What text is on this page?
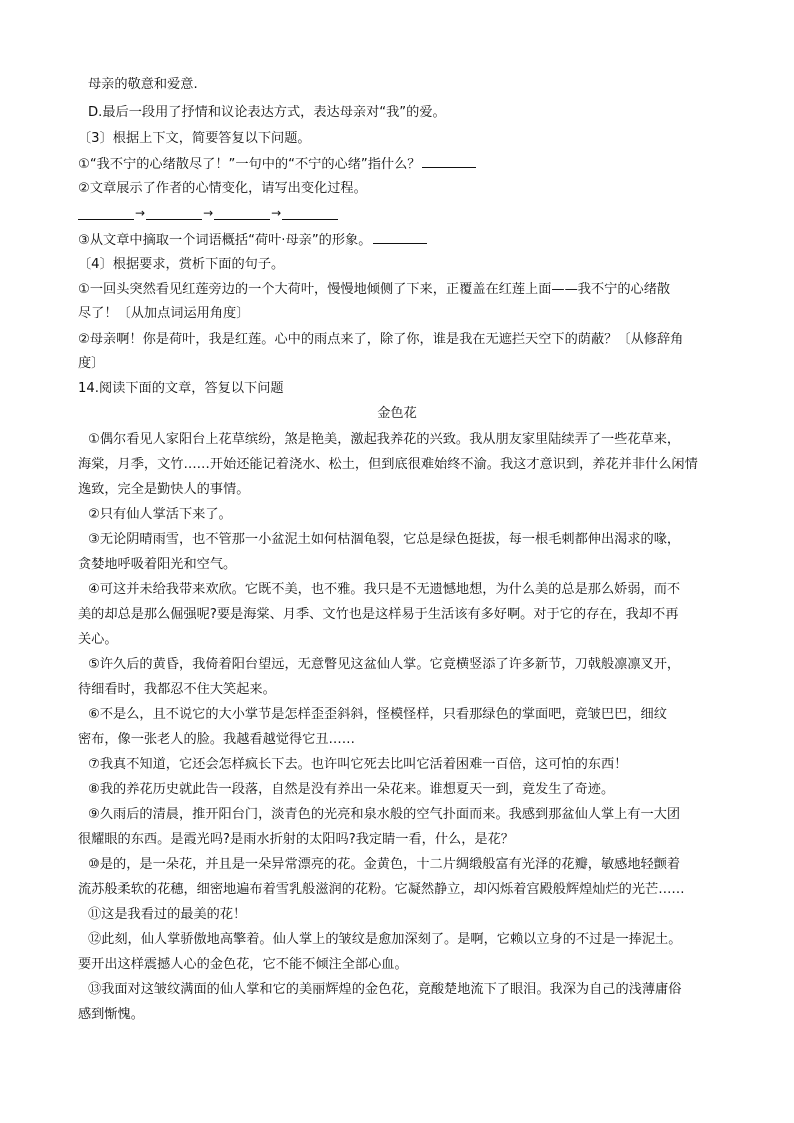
母亲的敬意和爱意.
D.最后一段用了抒情和议论表达方式，表达母亲对“我”的爱。
〔3〕根据上下文，简要答复以下问题。
①“我不宁的心绪散尽了！”一句中的“不宁的心绪”指什么？
②文章展示了作者的心情变化，请写出变化过程。
→	→	→
③从文章中摘取一个词语概括“荷叶·母亲”的形象。
〔4〕根据要求，赏析下面的句子。
①一回头突然看见红莲旁边的一个大荷叶，慢慢地倾侧了下来，正覆盖在红莲上面——我不宁的心绪散
尽了！〔从加点词运用角度〕
②母亲啊！你是荷叶，我是红莲。心中的雨点来了，除了你，谁是我在无遮拦天空下的荫蔽？〔从修辞角
度〕
14.阅读下面的文章，答复以下问题
金色花
①偶尔看见人家阳台上花草缤纷，煞是艳美，激起我养花的兴致。我从朋友家里陆续弄了一些花草来，
海棠，月季，文竹……开始还能记着浇水、松土，但到底很难始终不渝。我这才意识到，养花并非什么闲情
逸致，完全是勤快人的事情。
②只有仙人掌活下来了。
③无论阴晴雨雪，也不管那一小盆泥土如何枯涸龟裂，它总是绿色挺拔，每一根毛刺都伸出渴求的喙，
贪婪地呼吸着阳光和空气。
④可这并未给我带来欢欣。它既不美，也不雅。我只是不无遗憾地想，为什么美的总是那么娇弱，而不
美的却总是那么倔强呢?要是海棠、月季、文竹也是这样易于生活该有多好啊。对于它的存在，我却不再
关心。
⑤许久后的黄昏，我倚着阳台望远，无意瞥见这盆仙人掌。它竟横竖添了许多新节，刀戟般凛凛叉开，
待细看时，我都忍不住大笑起来。
⑥不是么，且不说它的大小掌节是怎样歪歪斜斜，怪模怪样，只看那绿色的掌面吧，竟皱巴巴，细纹
密布，像一张老人的脸。我越看越觉得它丑……
⑦我真不知道，它还会怎样疯长下去。也许叫它死去比叫它活着困难一百倍，这可怕的东西！
⑧我的养花历史就此告一段落，自然是没有养出一朵花来。谁想夏天一到，竟发生了奇迹。
⑨久雨后的清晨，推开阳台门，淡青色的光亮和泉水般的空气扑面而来。我感到那盆仙人掌上有一大团
很耀眼的东西。是霞光吗?是雨水折射的太阳吗?我定睛一看，什么，是花？
⑩是的，是一朵花，并且是一朵异常漂亮的花。金黄色，十二片绸缎般富有光泽的花瓣，敏感地轻颤着
流苏般柔软的花穗，细密地遍布着雪乳般滋润的花粉。它凝然静立，却闪烁着宫殿般辉煌灿烂的光芒……
⑪这是我看过的最美的花！
⑫此刻，仙人掌骄傲地高擎着。仙人掌上的皱纹是愈加深刻了。是啊，它赖以立身的不过是一捧泥土。
要开出这样震撼人心的金色花，它不能不倾注全部心血。
⑬我面对这皱纹满面的仙人掌和它的美丽辉煌的金色花，竟酸楚地流下了眼泪。我深为自己的浅薄庸俗
感到惭愧。
